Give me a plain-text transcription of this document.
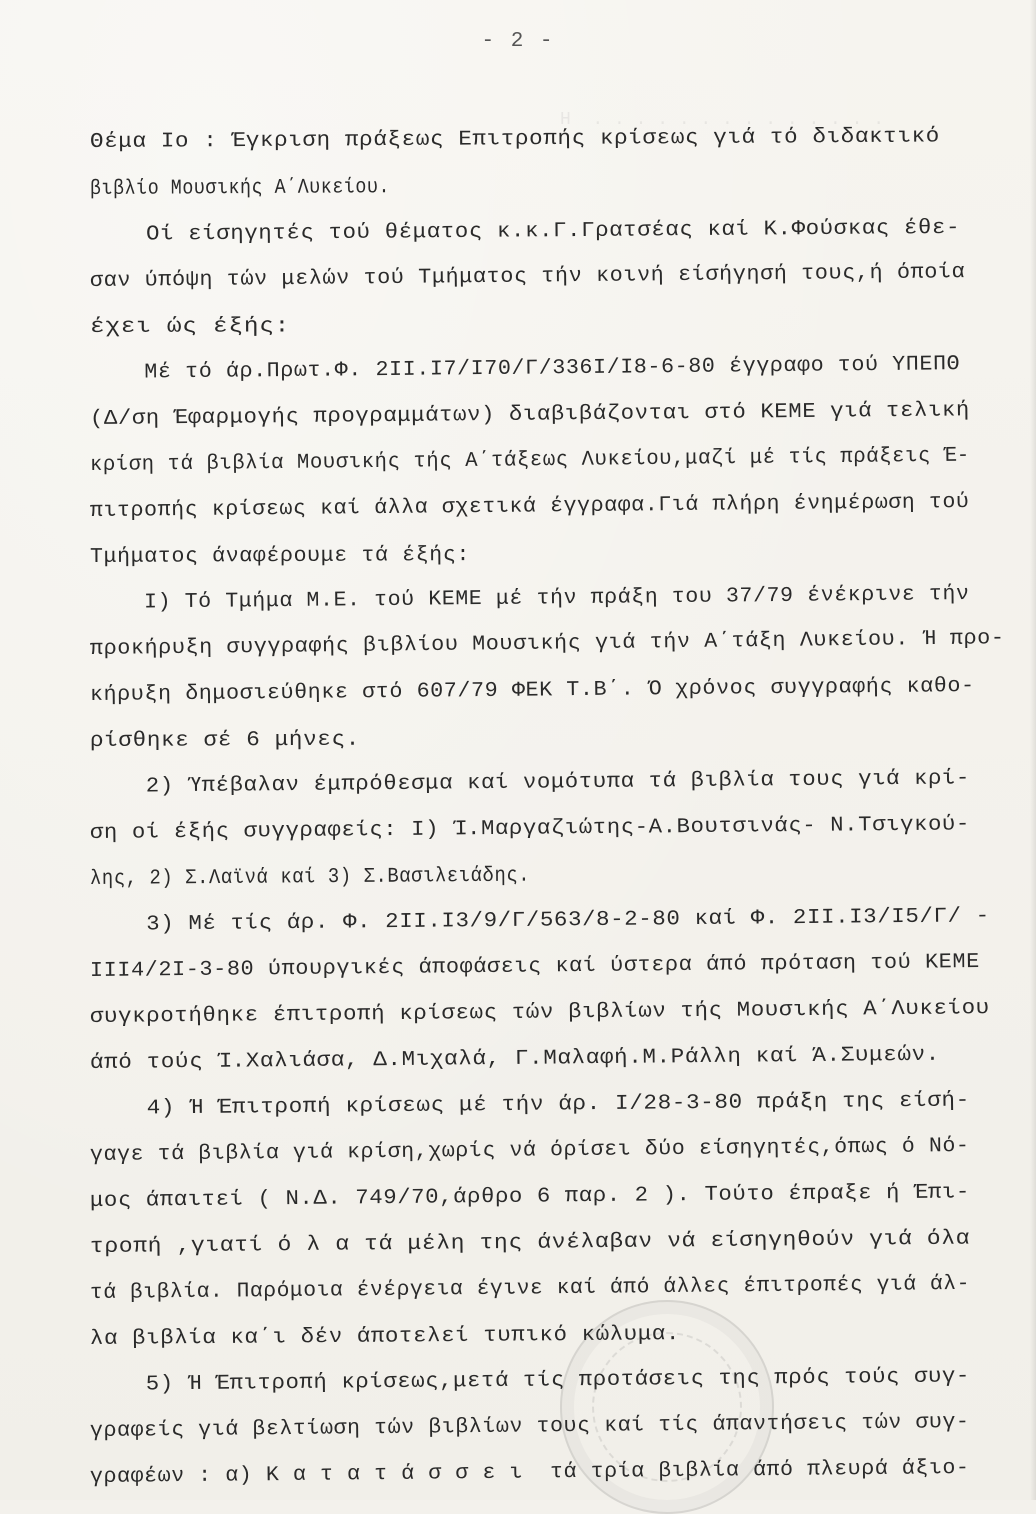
Η  . . . . . . . . . . . . . .
- 2 -
Θέμα Ιο : Έγκριση πράξεως Επιτροπής κρίσεως γιά τό διδακτικό
βιβλίο Μουσικής Α΄Λυκείου.
Οί είσηγητές τού θέματος κ.κ.Γ.Γρατσέας καί Κ.Φούσκας έθε-
σαν ύπόψη τών μελών τού Τμήματος τήν κοινή είσήγησή τους,ή όποία
έχει ώς έξής:
Μέ τό άρ.Πρωτ.Φ. 2ΙΙ.Ι7/Ι70/Γ/336Ι/Ι8-6-80 έγγραφο τού ΥΠΕΠΘ
(Δ/ση Έφαρμογής προγραμμάτων) διαβιβάζονται στό ΚΕΜΕ γιά τελική
κρίση τά βιβλία Μουσικής τής Α΄τάξεως Λυκείου,μαζί μέ τίς πράξεις Έ-
πιτροπής κρίσεως καί άλλα σχετικά έγγραφα.Γιά πλήρη ένημέρωση τού
Τμήματος άναφέρουμε τά έξής:
Ι) Τό Τμήμα Μ.Ε. τού ΚΕΜΕ μέ τήν πράξη του 37/79 ένέκρινε τήν
προκήρυξη συγγραφής βιβλίου Μουσικής γιά τήν Α΄τάξη Λυκείου. Ή προ-
κήρυξη δημοσιεύθηκε στό 607/79 ΦΕΚ Τ.Β΄. Ό χρόνος συγγραφής καθο-
ρίσθηκε σέ 6 μήνες.
2) Ύπέβαλαν έμπρόθεσμα καί νομότυπα τά βιβλία τους γιά κρί-
ση οί έξής συγγραφείς: Ι) Ί.Μαργαζιώτης-Α.Βουτσινάς- Ν.Τσιγκού-
λης, 2) Σ.Λαϊνά καί 3) Σ.Βασιλειάδης.
3) Μέ τίς άρ. Φ. 2ΙΙ.Ι3/9/Γ/563/8-2-80 καί Φ. 2ΙΙ.Ι3/Ι5/Γ/ -
ΙΙΙ4/2Ι-3-80 ύπουργικές άποφάσεις καί ύστερα άπό πρόταση τού ΚΕΜΕ
συγκροτήθηκε έπιτροπή κρίσεως τών βιβλίων τής Μουσικής Α΄Λυκείου
άπό τούς Ί.Χαλιάσα, Δ.Μιχαλά, Γ.Μαλαφή.Μ.Ράλλη καί Ά.Συμεών.
4) Ή Έπιτροπή κρίσεως μέ τήν άρ. Ι/28-3-80 πράξη της είσή-
γαγε τά βιβλία γιά κρίση,χωρίς νά όρίσει δύο είσηγητές,όπως ό Νό-
μος άπαιτεί ( Ν.Δ. 749/70,άρθρο 6 παρ. 2 ). Τούτο έπραξε ή Έπι-
τροπή ,γιατί ό λ α τά μέλη της άνέλαβαν νά είσηγηθούν γιά όλα
τά βιβλία. Παρόμοια ένέργεια έγινε καί άπό άλλες έπιτροπές γιά άλ-
λα βιβλία κα΄ι δέν άποτελεί τυπικό κώλυμα.
5) Ή Έπιτροπή κρίσεως,μετά τίς προτάσεις της πρός τούς συγ-
γραφείς γιά βελτίωση τών βιβλίων τους καί τίς άπαντήσεις τών συγ-
γραφέων : α) Κ α τ α τ ά σ σ ε ι  τά τρία βιβλία άπό πλευρά άξιο-
